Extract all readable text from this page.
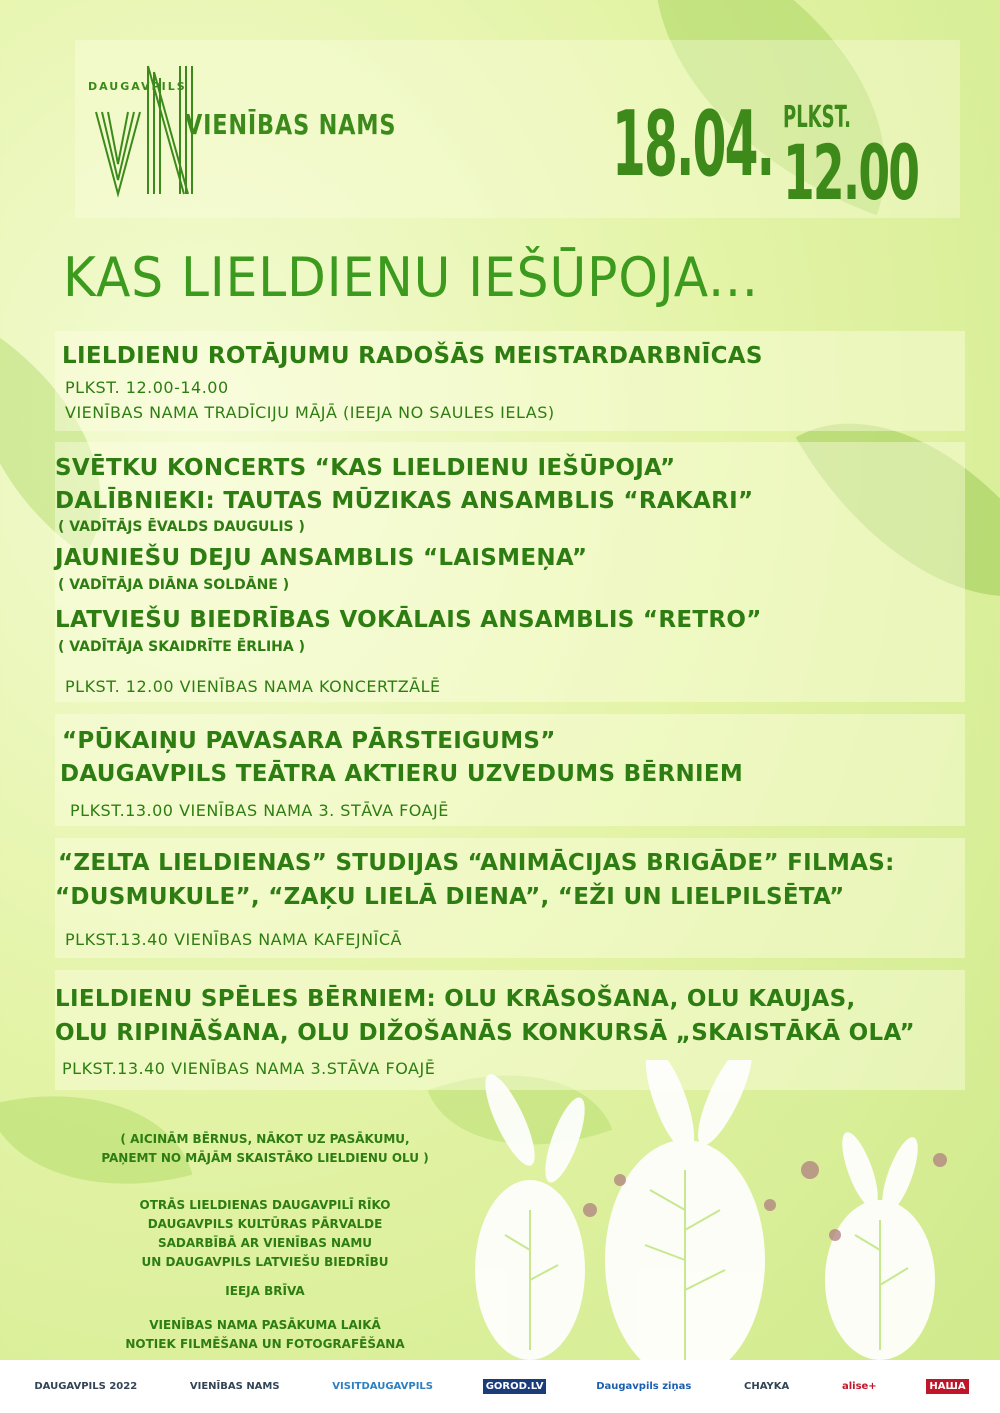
DAUGAVPILS
VIENĪBAS NAMS 18.04. PLKST.
12.00
KAS LIELDIENU IEŠŪPOJA...
LIELDIENU ROTĀJUMU RADOŠĀS MEISTARDARBNĪCAS
PLKST. 12.00-14.00
VIENĪBAS NAMA TRADĪCIJU MĀJĀ (IEEJA NO SAULES IELAS)
SVĒTKU KONCERTS “KAS LIELDIENU IEŠŪPOJA”
DALĪBNIEKI: TAUTAS MŪZIKAS ANSAMBLIS “RAKARI”
( VADĪTĀJS ĒVALDS DAUGULIS )
JAUNIEŠU DEJU ANSAMBLIS “LAISMEŅA”
( VADĪTĀJA DIĀNA SOLDĀNE )
LATVIEŠU BIEDRĪBAS VOKĀLAIS ANSAMBLIS “RETRO”
( VADĪTĀJA SKAIDRĪTE ĒRLIHA )
PLKST. 12.00 VIENĪBAS NAMA KONCERTZĀLĒ
“PŪKAIŅU PAVASARA PĀRSTEIGUMS”
DAUGAVPILS TEĀTRA AKTIERU UZVEDUMS BĒRNIEM
PLKST.13.00 VIENĪBAS NAMA 3. STĀVA FOAJĒ
“ZELTA LIELDIENAS” STUDIJAS “ANIMĀCIJAS BRIGĀDE” FILMAS:
“DUSMUKULE”, “ZAĶU LIELĀ DIENA”, “EŽI UN LIELPILSĒTA”
PLKST.13.40 VIENĪBAS NAMA KAFEJNĪCĀ
LIELDIENU SPĒLES BĒRNIEM: OLU KRĀSOŠANA, OLU KAUJAS,
OLU RIPINĀŠANA, OLU DIŽOŠANĀS KONKURSĀ „SKAISTĀKĀ OLA”
PLKST.13.40 VIENĪBAS NAMA 3.STĀVA FOAJĒ
( AICINĀM BĒRNUS, NĀKOT UZ PASĀKUMU,
PAŅEMT NO MĀJĀM SKAISTĀKO LIELDIENU OLU )
OTRĀS LIELDIENAS DAUGAVPILĪ RĪKO
DAUGAVPILS KULTŪRAS PĀRVALDE
SADARBĪBĀ AR VIENĪBAS NAMU
UN DAUGAVPILS LATVIEŠU BIEDRĪBU
IEEJA BRĪVA
VIENĪBAS NAMA PASĀKUMA LAIKĀ
NOTIEK FILMĒŠANA UN FOTOGRAFĒŠANA
DAUGAVPILS 2022	VIENĪBAS NAMS	VISITDAUGAVPILS	GOROD.LV	Daugavpils ziņas	CHAYKA	alise+	НАША
